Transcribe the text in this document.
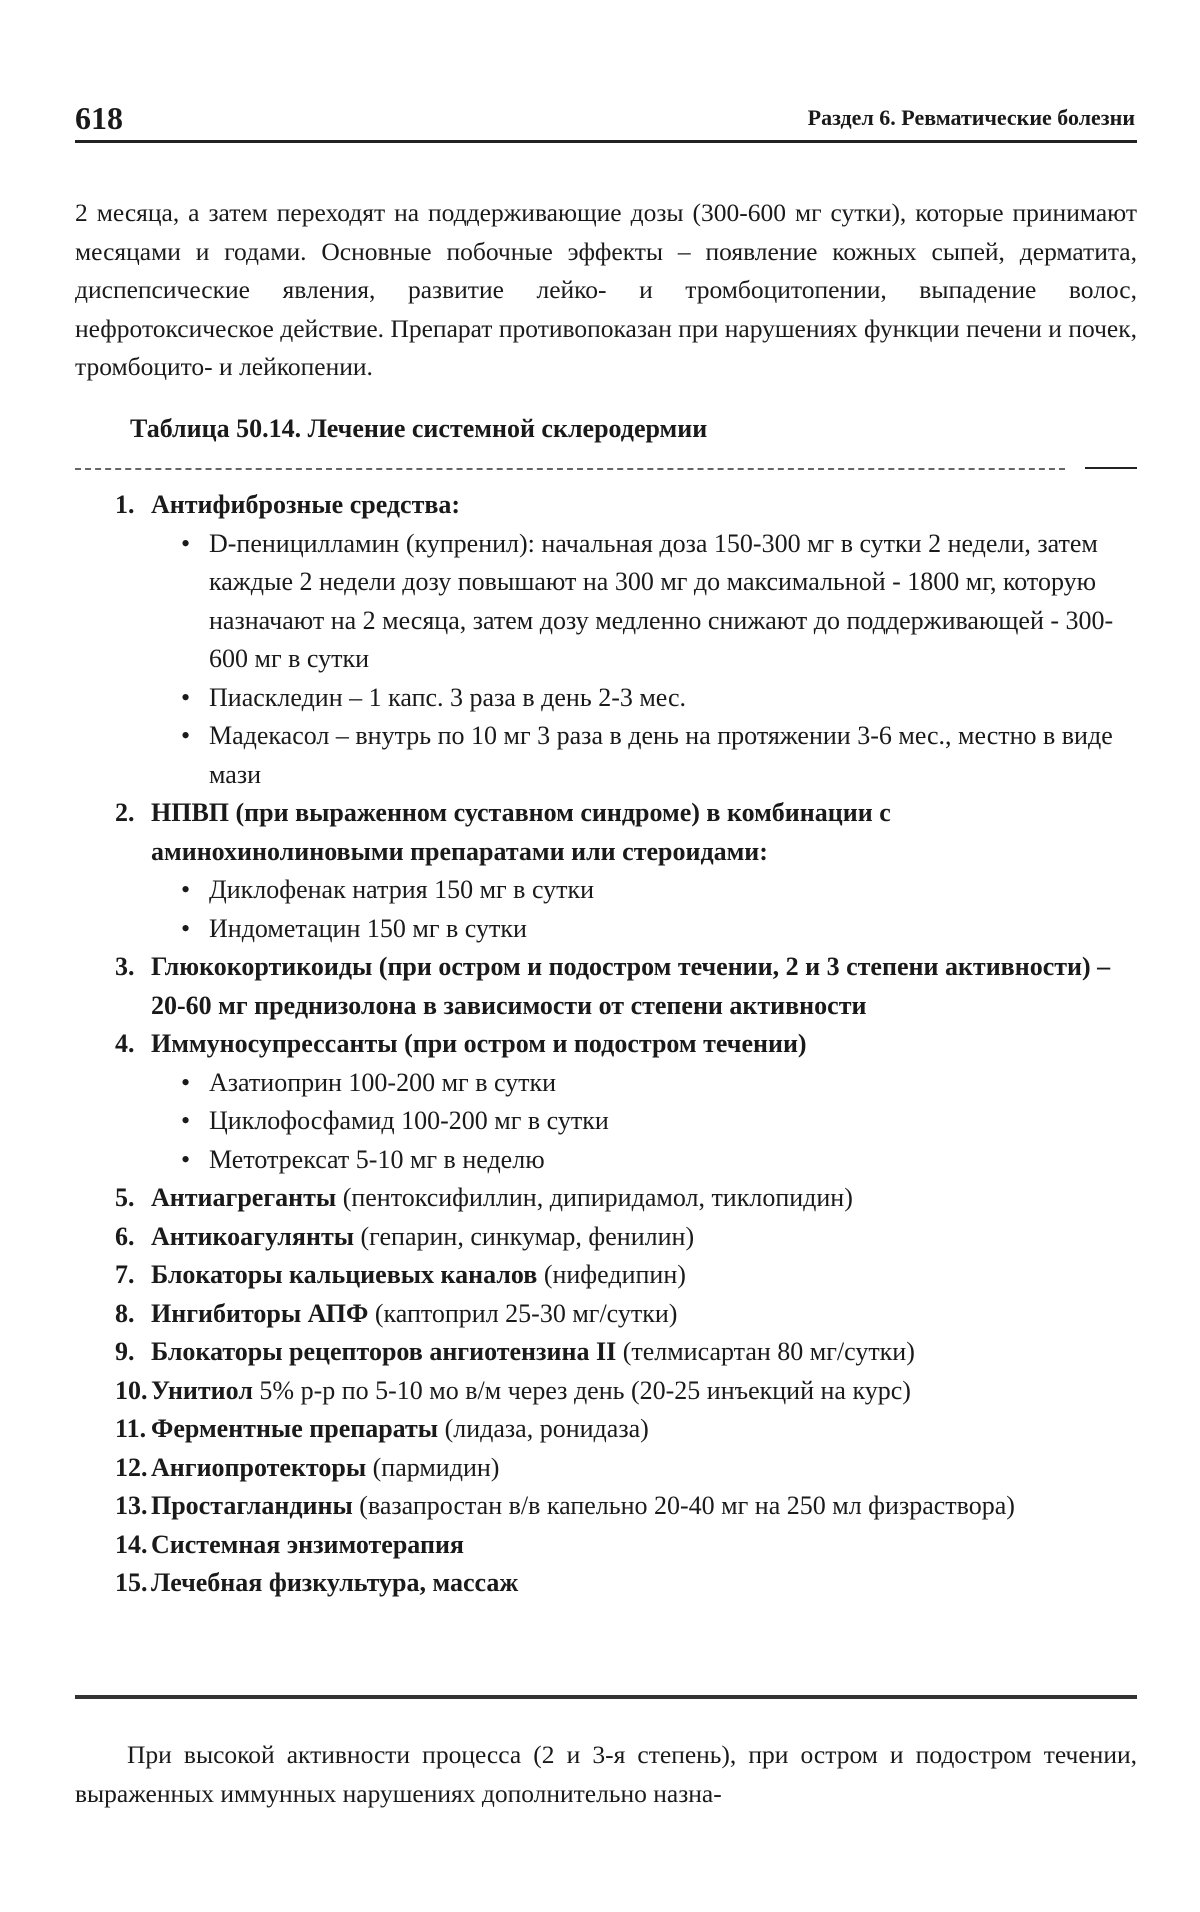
618	Раздел 6. Ревматические болезни

2 месяца, а затем переходят на поддерживающие дозы (300-600 мг сутки), которые принимают месяцами и годами. Основные побочные эффекты – появление кожных сыпей, дерматита, диспепсические явления, развитие лейко- и тромбоцитопении, выпадение волос, нефротоксическое действие. Препарат противопоказан при нарушениях функции печени и почек, тромбоцито- и лейкопении.

Таблица 50.14. Лечение системной склеродермии
1. Антифиброзные средства:
• D-пеницилламин (купренил): начальная доза 150-300 мг в сутки 2 недели, затем каждые 2 недели дозу повышают на 300 мг до максимальной - 1800 мг, которую назначают на 2 месяца, затем дозу медленно снижают до поддерживающей - 300-600 мг в сутки
• Пиаскледин – 1 капс. 3 раза в день 2-3 мес.
• Мадекасол – внутрь по 10 мг 3 раза в день на протяжении 3-6 мес., местно в виде мази
2. НПВП (при выраженном суставном синдроме) в комбинации с аминохинолиновыми препаратами или стероидами:
• Диклофенак натрия 150 мг в сутки
• Индометацин 150 мг в сутки
3. Глюкокортикоиды (при остром и подостром течении, 2 и 3 степени активности) – 20-60 мг преднизолона в зависимости от степени активности
4. Иммуносупрессанты (при остром и подостром течении)
• Азатиоприн 100-200 мг в сутки
• Циклофосфамид 100-200 мг в сутки
• Метотрексат 5-10 мг в неделю
5. Антиагреганты (пентоксифиллин, дипиридамол, тиклопидин)
6. Антикоагулянты (гепарин, синкумар, фенилин)
7. Блокаторы кальциевых каналов (нифедипин)
8. Ингибиторы АПФ (каптоприл 25-30 мг/сутки)
9. Блокаторы рецепторов ангиотензина II (телмисартан 80 мг/сутки)
10. Унитиол 5% р-р по 5-10 мо в/м через день (20-25 инъекций на курс)
11. Ферментные препараты (лидаза, ронидаза)
12. Ангиопротекторы (пармидин)
13. Простагландины (вазапростан в/в капельно 20-40 мг на 250 мл физраствора)
14. Системная энзимотерапия
15. Лечебная физкультура, массаж

При высокой активности процесса (2 и 3-я степень), при остром и подостром течении, выраженных иммунных нарушениях дополнительно назна-
